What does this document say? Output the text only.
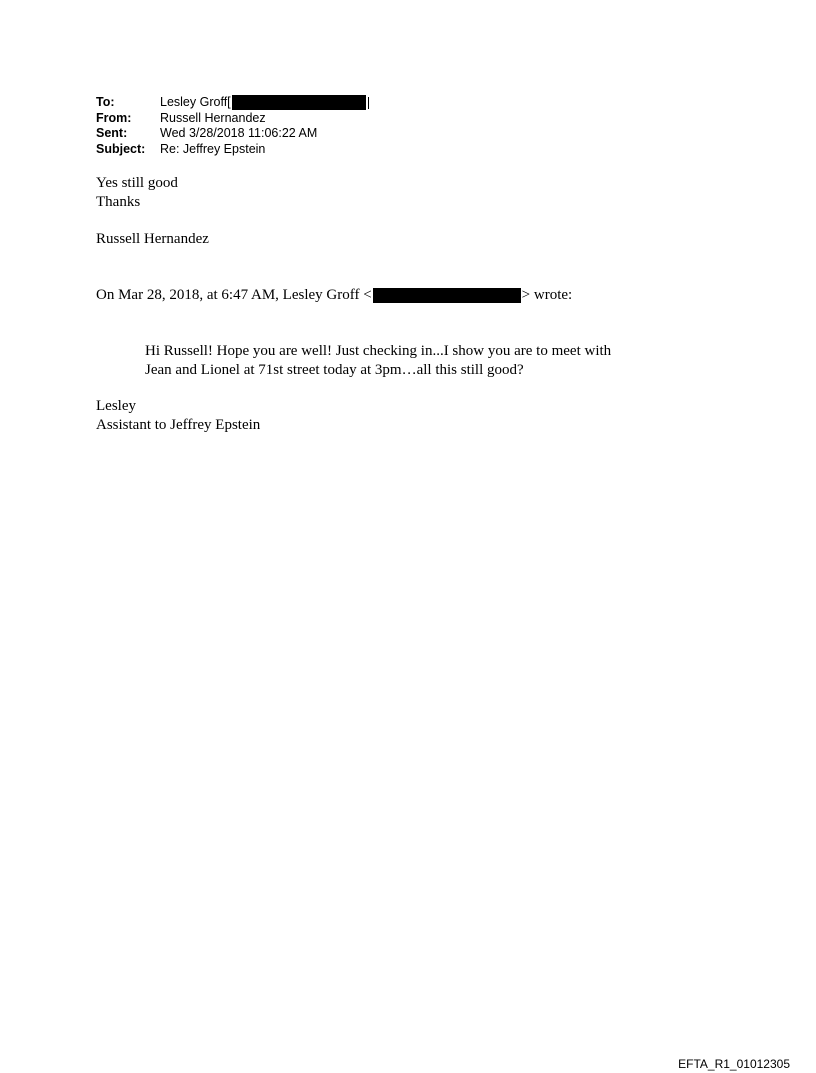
To:	Lesley Groff[
From:	Russell Hernandez
Sent:	Wed 3/28/2018 11:06:22 AM
Subject:	Re: Jeffrey Epstein
Yes still good
Thanks
Russell Hernandez
On Mar 28, 2018, at 6:47 AM, Lesley Groff <	> wrote:
Hi Russell! Hope you are well! Just checking in...I show you are to meet with
Jean and Lionel at 71st street today at 3pm…all this still good?
Lesley
Assistant to Jeffrey Epstein
EFTA_R1_01012305
